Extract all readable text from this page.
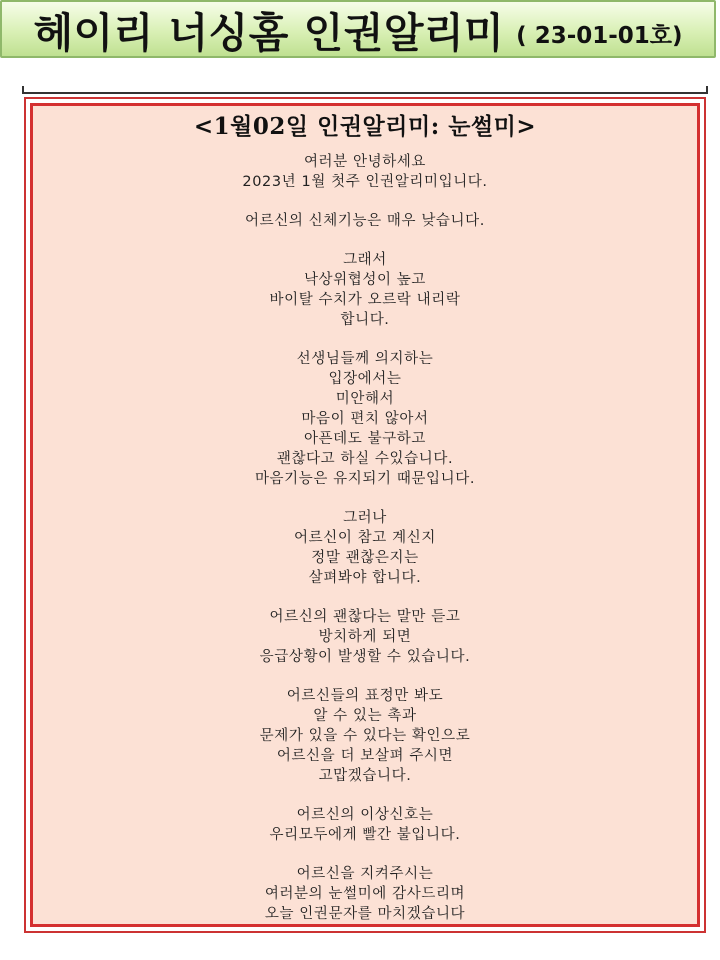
헤이리 너싱홈 인권알리미 ( 23-01-01호)
<1월02일 인권알리미: 눈썰미>
여러분 안녕하세요
2023년 1월 첫주 인권알리미입니다.
어르신의 신체기능은 매우 낮습니다.
그래서
낙상위협성이 높고
바이탈 수치가 오르락 내리락
합니다.
선생님들께 의지하는
입장에서는
미안해서
마음이 편치 않아서
아픈데도 불구하고
괜찮다고 하실 수있습니다.
마음기능은 유지되기 때문입니다.
그러나
어르신이 참고 계신지
정말 괜찮은지는
살펴봐야 합니다.
어르신의 괜찮다는 말만 듣고
방치하게 되면
응급상황이 발생할 수 있습니다.
어르신들의 표정만 봐도
알 수 있는 촉과
문제가 있을 수 있다는 확인으로
어르신을 더 보살펴 주시면
고맙겠습니다.
어르신의 이상신호는
우리모두에게 빨간 불입니다.
어르신을 지켜주시는
여러분의 눈썰미에 감사드리며
오늘 인권문자를 마치겠습니다
